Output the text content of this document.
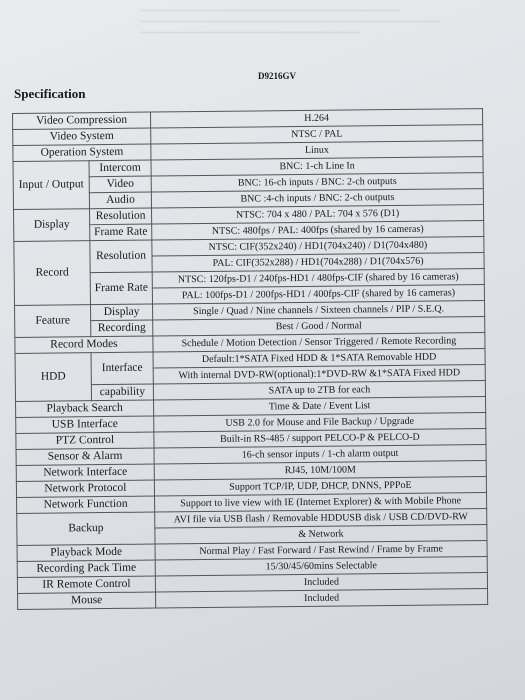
D9216GV
Specification
Video Compression		H.264
Video System		NTSC / PAL
Operation System		Linux
Input / Output	Intercom	BNC: 1-ch Line In
	Video	BNC: 16-ch inputs / BNC: 2-ch outputs
	Audio	BNC :4-ch inputs / BNC: 2-ch outputs
Display	Resolution	NTSC: 704 x 480 / PAL: 704 x 576 (D1)
	Frame Rate	NTSC: 480fps / PAL: 400fps (shared by 16 cameras)
Record	Resolution	NTSC: CIF(352x240) / HD1(704x240) / D1(704x480)
		PAL: CIF(352x288) / HD1(704x288) / D1(704x576)
	Frame Rate	NTSC: 120fps-D1 / 240fps-HD1 / 480fps-CIF (shared by 16 cameras)
		PAL: 100fps-D1 / 200fps-HD1 / 400fps-CIF (shared by 16 cameras)
Feature	Display	Single / Quad / Nine channels / Sixteen channels / PIP / S.E.Q.
	Recording	Best / Good / Normal
Record Modes		Schedule / Motion Detection / Sensor Triggered / Remote Recording
HDD	Interface	Default:1*SATA Fixed HDD & 1*SATA Removable HDD
		With internal DVD-RW(optional):1*DVD-RW &1*SATA Fixed HDD
	capability	SATA up to 2TB for each
Playback Search		Time & Date / Event List
USB Interface		USB 2.0 for Mouse and File Backup / Upgrade
PTZ Control		Built-in RS-485 / support PELCO-P & PELCO-D
Sensor & Alarm		16-ch sensor inputs / 1-ch alarm output
Network Interface		RJ45, 10M/100M
Network Protocol		Support TCP/IP, UDP, DHCP, DNNS, PPPoE
Network Function		Support to live view with IE (Internet Explorer) & with Mobile Phone
Backup		AVI file via USB flash / Removable HDDUSB disk / USB CD/DVD-RW
		& Network
Playback Mode		Normal Play / Fast Forward / Fast Rewind / Frame by Frame
Recording Pack Time		15/30/45/60mins Selectable
IR Remote Control		Included
Mouse		Included
